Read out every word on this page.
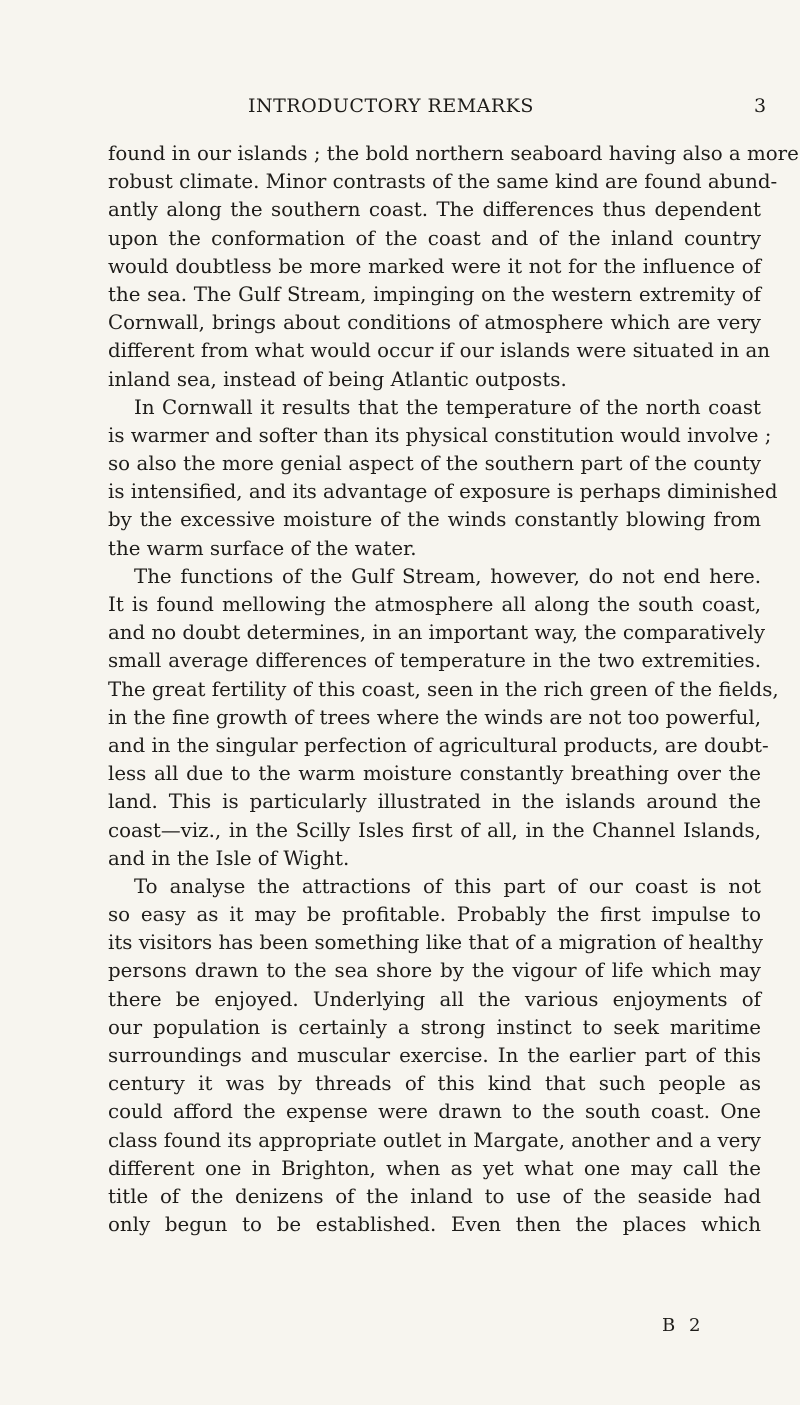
INTRODUCTORY REMARKS	3
found in our islands ; the bold northern seaboard having also a more
robust climate. Minor contrasts of the same kind are found abund-
antly along the southern coast. The differences thus dependent
upon the conformation of the coast and of the inland country
would doubtless be more marked were it not for the influence of
the sea. The Gulf Stream, impinging on the western extremity of
Cornwall, brings about conditions of atmosphere which are very
different from what would occur if our islands were situated in an
inland sea, instead of being Atlantic outposts.
In Cornwall it results that the temperature of the north coast
is warmer and softer than its physical constitution would involve ;
so also the more genial aspect of the southern part of the county
is intensified, and its advantage of exposure is perhaps diminished
by the excessive moisture of the winds constantly blowing from
the warm surface of the water.
The functions of the Gulf Stream, however, do not end here.
It is found mellowing the atmosphere all along the south coast,
and no doubt determines, in an important way, the comparatively
small average differences of temperature in the two extremities.
The great fertility of this coast, seen in the rich green of the fields,
in the fine growth of trees where the winds are not too powerful,
and in the singular perfection of agricultural products, are doubt-
less all due to the warm moisture constantly breathing over the
land. This is particularly illustrated in the islands around the
coast—viz., in the Scilly Isles first of all, in the Channel Islands,
and in the Isle of Wight.
To analyse the attractions of this part of our coast is not
so easy as it may be profitable. Probably the first impulse to
its visitors has been something like that of a migration of healthy
persons drawn to the sea shore by the vigour of life which may
there be enjoyed. Underlying all the various enjoyments of
our population is certainly a strong instinct to seek maritime
surroundings and muscular exercise. In the earlier part of this
century it was by threads of this kind that such people as
could afford the expense were drawn to the south coast. One
class found its appropriate outlet in Margate, another and a very
different one in Brighton, when as yet what one may call the
title of the denizens of the inland to use of the seaside had
only begun to be established. Even then the places which
B 2
